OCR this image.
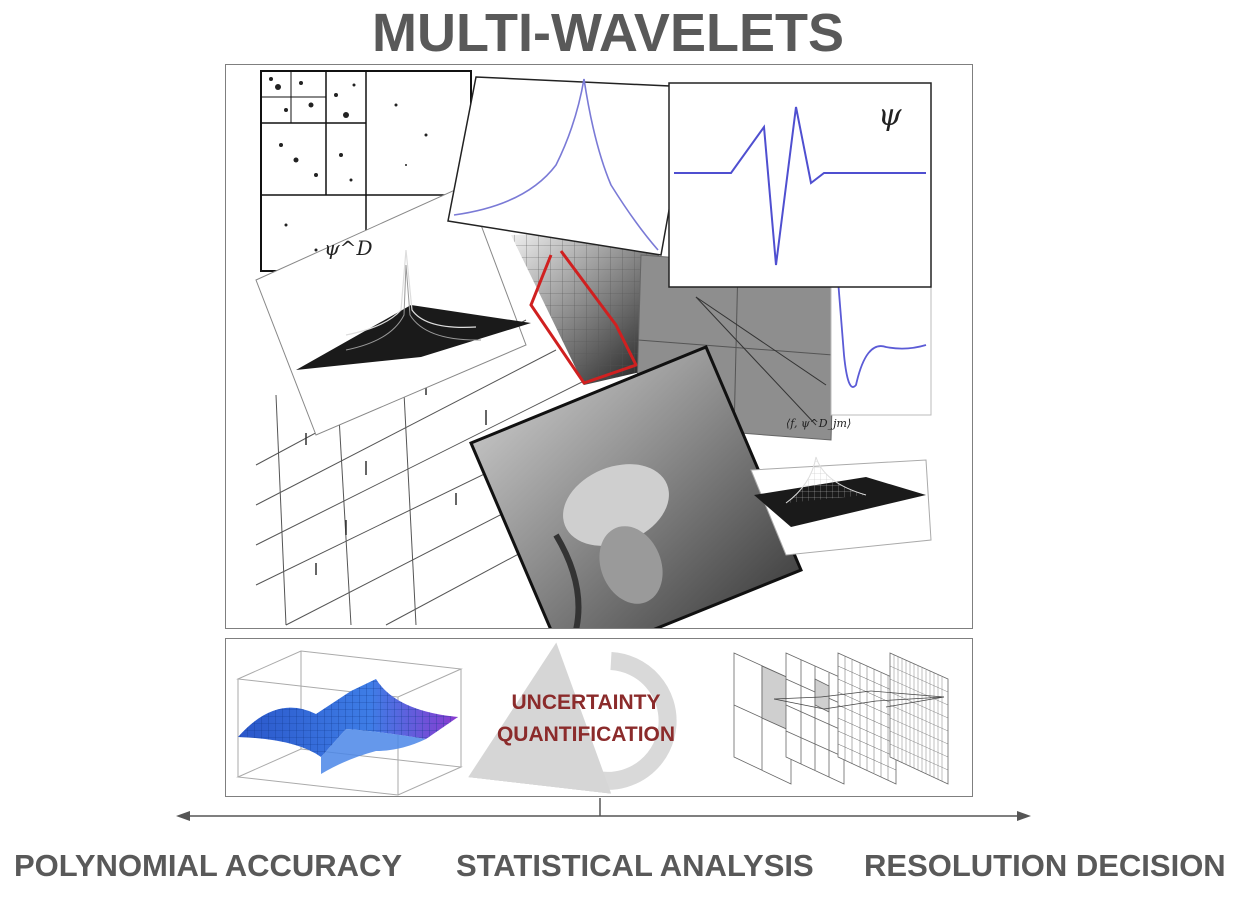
MULTI-WAVELETS
ψ^D
⟨f, ψ^D_jm⟩
ψ
UNCERTAINTY
QUANTIFICATION
POLYNOMIAL ACCURACY STATISTICAL ANALYSIS RESOLUTION DECISION
